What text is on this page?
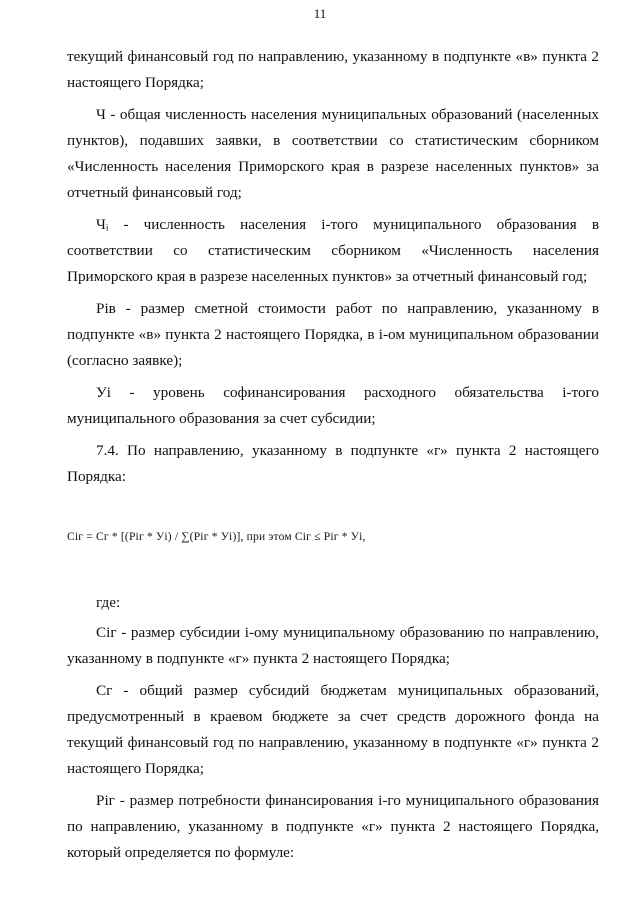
11

текущий финансовый год по направлению, указанному в подпункте «в» пункта 2 настоящего Порядка;

Ч - общая численность населения муниципальных образований (населенных пунктов), подавших заявки, в соответствии со статистическим сборником «Численность населения Приморского края в разрезе населенных пунктов» за отчетный финансовый год;

Чᵢ - численность населения i-того муниципального образования в соответствии со статистическим сборником «Численность населения Приморского края в разрезе населенных пунктов» за отчетный финансовый год;

Piв - размер сметной стоимости работ по направлению, указанному в подпункте «в» пункта 2 настоящего Порядка, в i-ом муниципальном образовании (согласно заявке);

Уi - уровень софинансирования расходного обязательства i-того муниципального образования за счет субсидии;

7.4. По направлению, указанному в подпункте «г» пункта 2 настоящего Порядка:

Ciг = Cг * [(Piг * Уi) / ∑(Piг * Уi)], при этом Ciг ≤ Piг * Уi,

где:

Ciг - размер субсидии i-ому муниципальному образованию по направлению, указанному в подпункте «г» пункта 2 настоящего Порядка;

Cг - общий размер субсидий бюджетам муниципальных образований, предусмотренный в краевом бюджете за счет средств дорожного фонда на текущий финансовый год по направлению, указанному в подпункте «г» пункта 2 настоящего Порядка;

Piг - размер потребности финансирования i-го муниципального образования по направлению, указанному в подпункте «г» пункта 2 настоящего Порядка, который определяется по формуле:
